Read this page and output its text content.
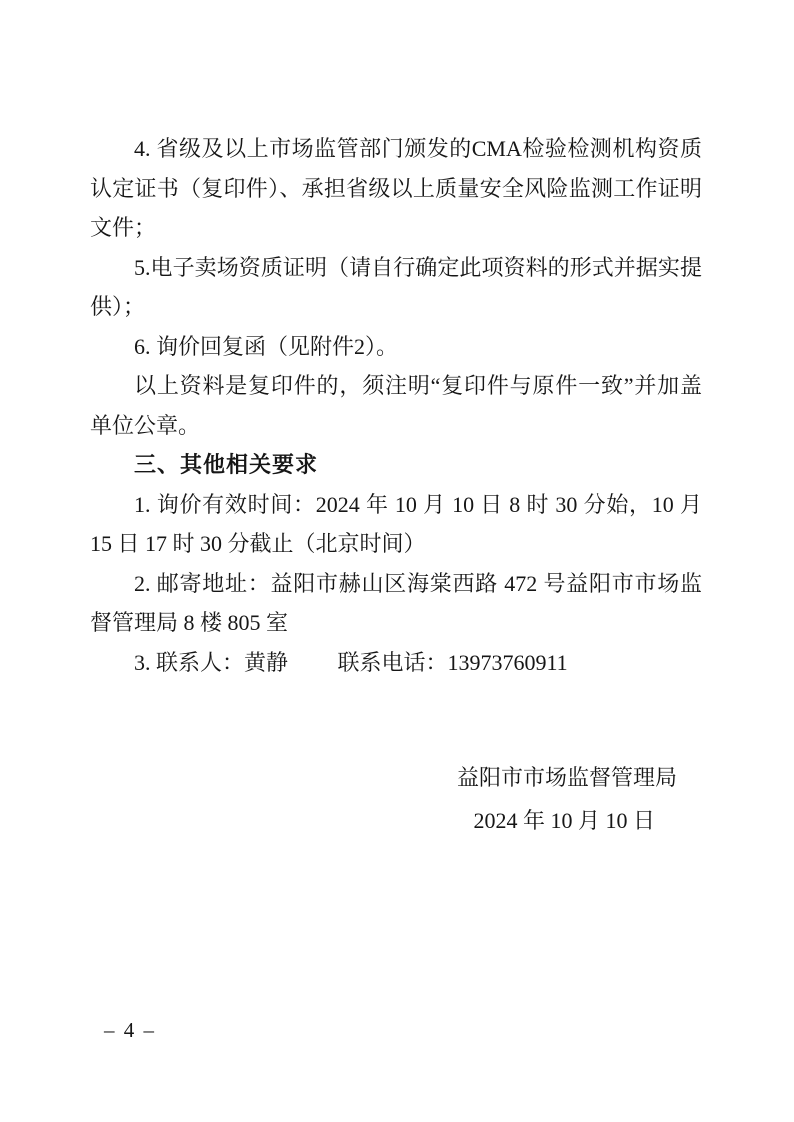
4. 省级及以上市场监管部门颁发的CMA检验检测机构资质
认定证书（复印件）、承担省级以上质量安全风险监测工作证明
文件；
5.电子卖场资质证明（请自行确定此项资料的形式并据实提
供）；
6. 询价回复函（见附件2）。
以上资料是复印件的，须注明“复印件与原件一致”并加盖
单位公章。
三、其他相关要求
1. 询价有效时间：2024 年 10 月 10 日 8 时 30 分始，10 月
15 日 17 时 30 分截止（北京时间）
2. 邮寄地址：益阳市赫山区海棠西路 472 号益阳市市场监
督管理局 8 楼 805 室
3. 联系人：黄静　　 联系电话：13973760911
益阳市市场监督管理局
2024 年 10 月 10 日
– 4 –
